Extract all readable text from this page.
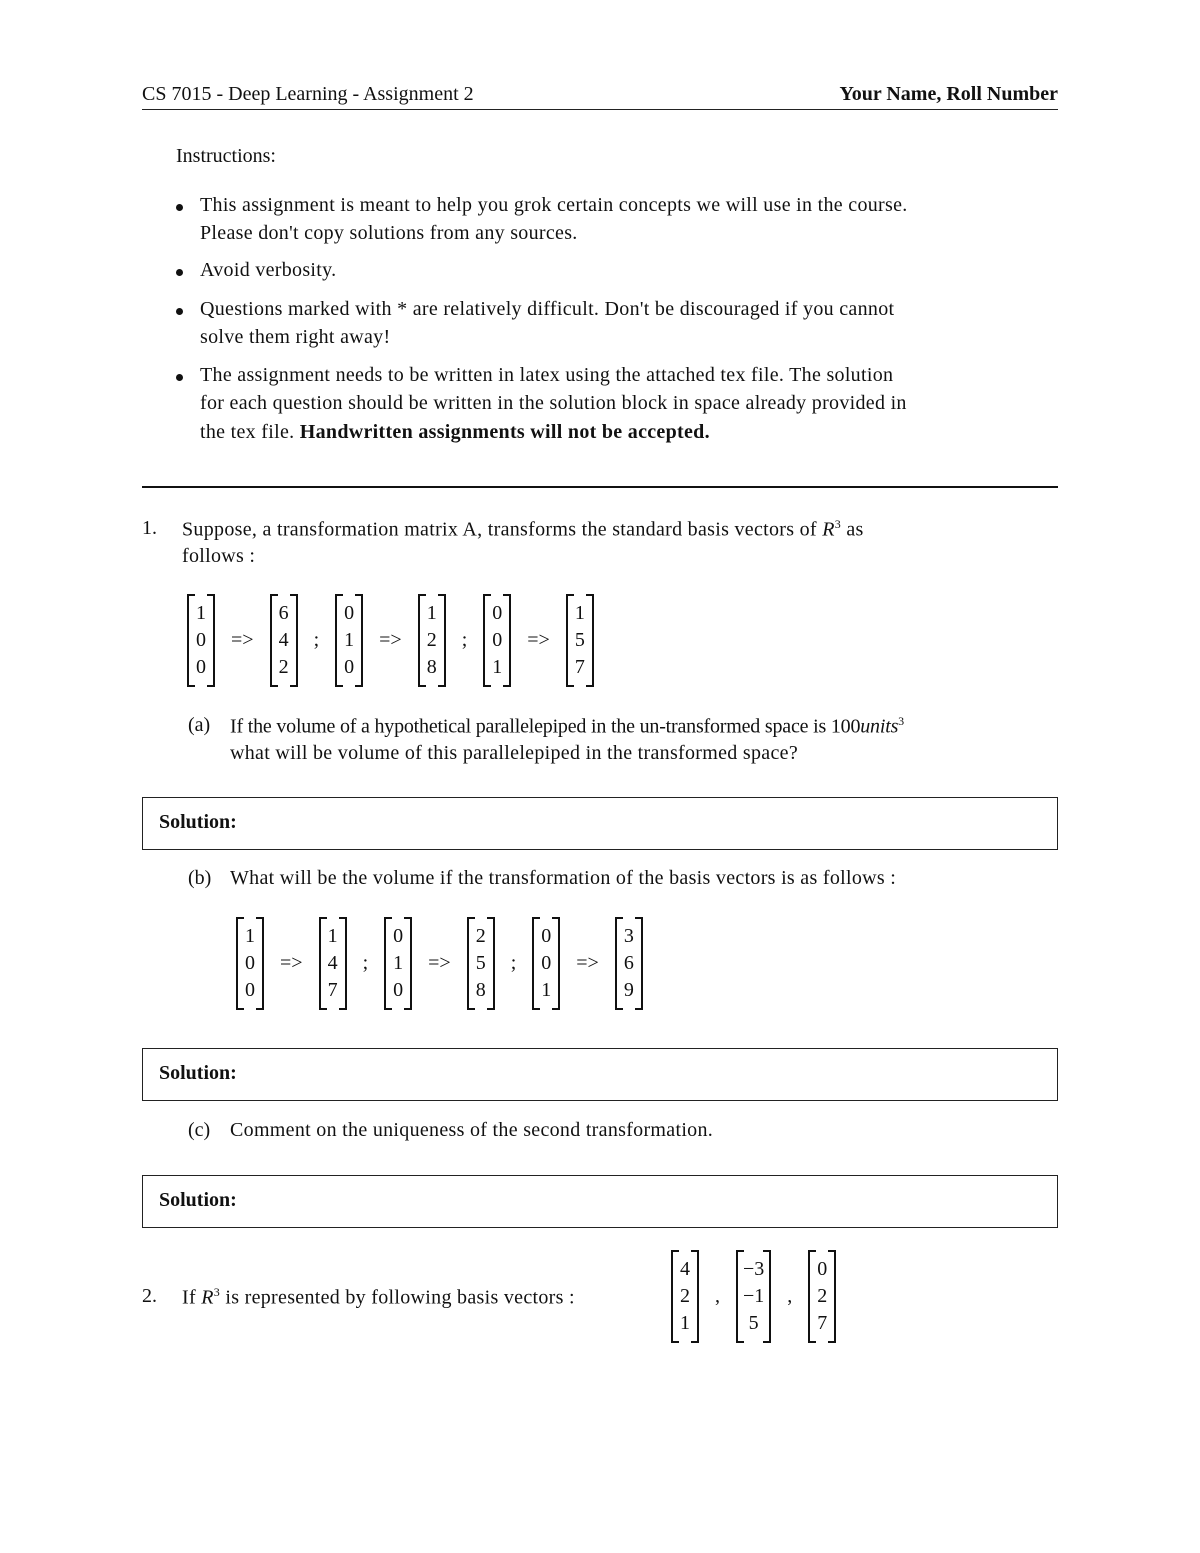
CS 7015 - Deep Learning - Assignment 2	Your Name, Roll Number
Instructions:
This assignment is meant to help you grok certain concepts we will use in the course.
Please don't copy solutions from any sources.
Avoid verbosity.
Questions marked with * are relatively difficult. Don't be discouraged if you cannot
solve them right away!
The assignment needs to be written in latex using the attached tex file. The solution
for each question should be written in the solution block in space already provided in
the tex file. Handwritten assignments will not be accepted.
1. Suppose, a transformation matrix A, transforms the standard basis vectors of $R^3$ as
follows :
1
0
0
=>
6
4
2
;
0
1
0
=>
1
2
8
;
0
0
1
=>
1
5
7
(a) If the volume of a hypothetical parallelepiped in the un-transformed space is 100units$^3$
what will be volume of this parallelepiped in the transformed space?
Solution:
(b) What will be the volume if the transformation of the basis vectors is as follows :
1
0
0
=>
1
4
7
;
0
1
0
=>
2
5
8
;
0
0
1
=>
3
6
9
Solution:
(c) Comment on the uniqueness of the second transformation.
Solution:
2. If $R^3$ is represented by following basis vectors :
4
2
1
,
−3
−1
5
,
0
2
7
